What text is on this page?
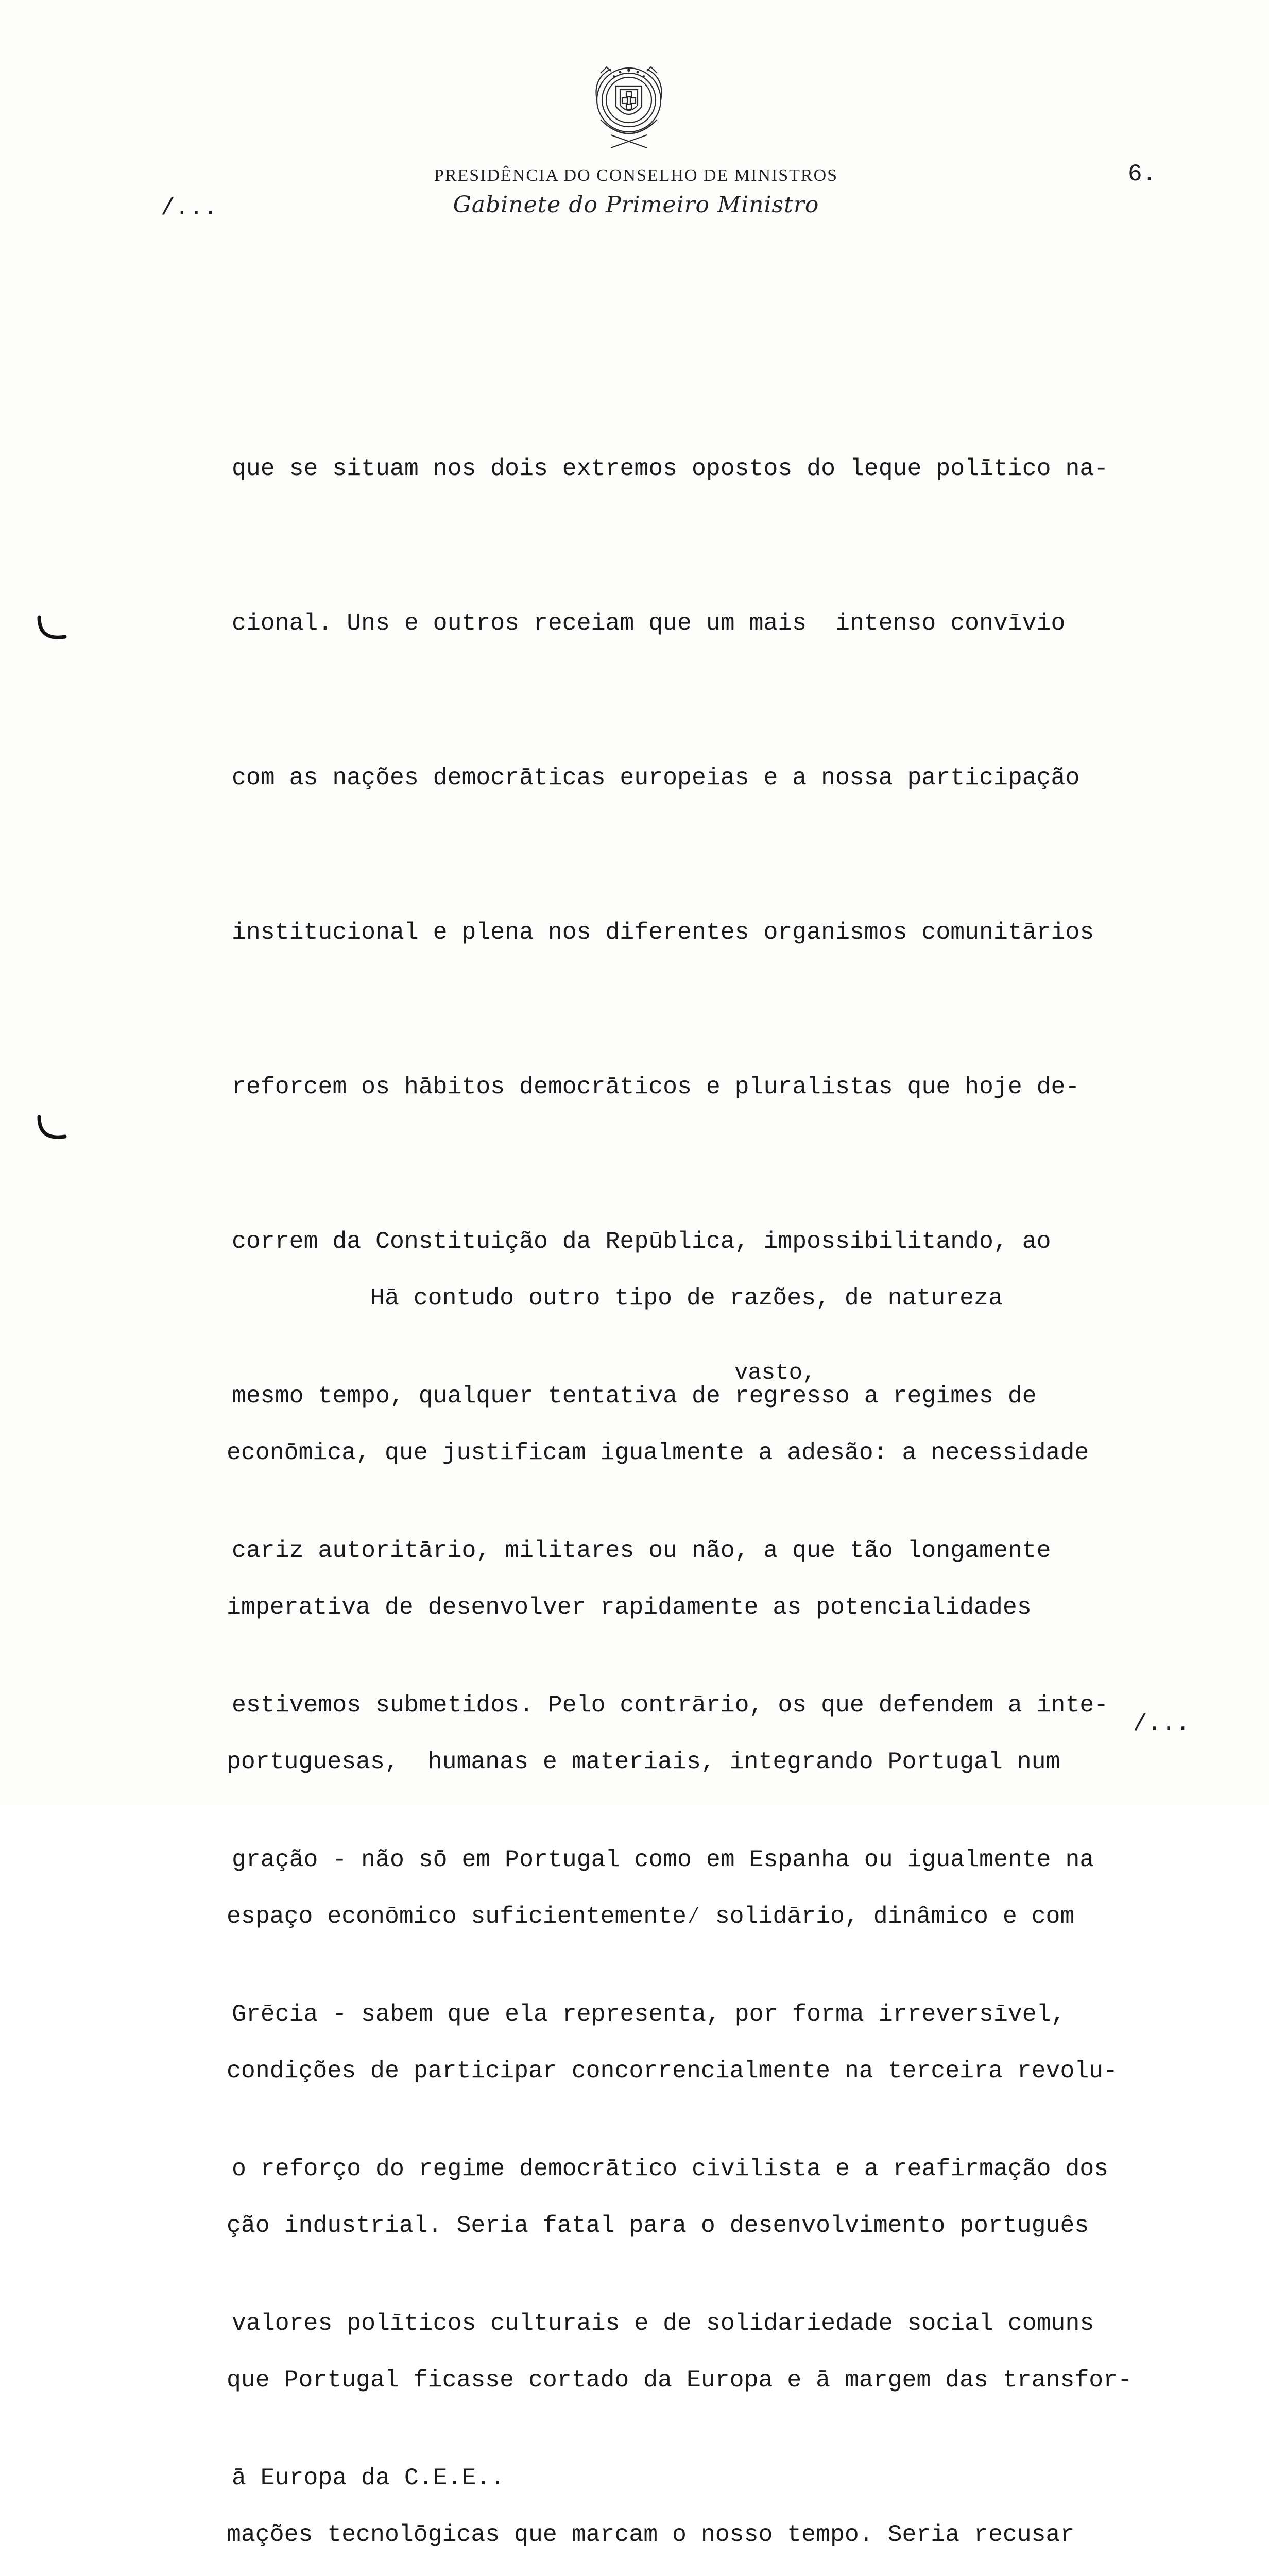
PRESIDÊNCIA DO CONSELHO DE MINISTROS
Gabinete do Primeiro Ministro
6.
/...

que se situam nos dois extremos opostos do leque polītico na-

cional. Uns e outros receiam que um mais  intenso convīvio

com as nações democrāticas europeias e a nossa participação

institucional e plena nos diferentes organismos comunitārios

reforcem os hābitos democrāticos e pluralistas que hoje de-

correm da Constituição da Repūblica, impossibilitando, ao

mesmo tempo, qualquer tentativa de regresso a regimes de

cariz autoritārio, militares ou não, a que tão longamente

estivemos submetidos. Pelo contrārio, os que defendem a inte-

gração - não sō em Portugal como em Espanha ou igualmente na

Grēcia - sabem que ela representa, por forma irreversīvel,

o reforço do regime democrātico civilista e a reafirmação dos

valores polīticos culturais e de solidariedade social comuns

ā Europa da C.E.E..

Hā contudo outro tipo de razões, de natureza

econōmica, que justificam igualmente a adesão: a necessidade

imperativa de desenvolver rapidamente as potencialidades

portuguesas,  humanas e materiais, integrando Portugal num

espaço econōmico suficientemente⁄ solidārio, dinâmico e com

condições de participar concorrencialmente na terceira revolu-

ção industrial. Seria fatal para o desenvolvimento português

que Portugal ficasse cortado da Europa e ā margem das transfor-

mações tecnolōgicas que marcam o nosso tempo. Seria recusar

vasto,
/...
